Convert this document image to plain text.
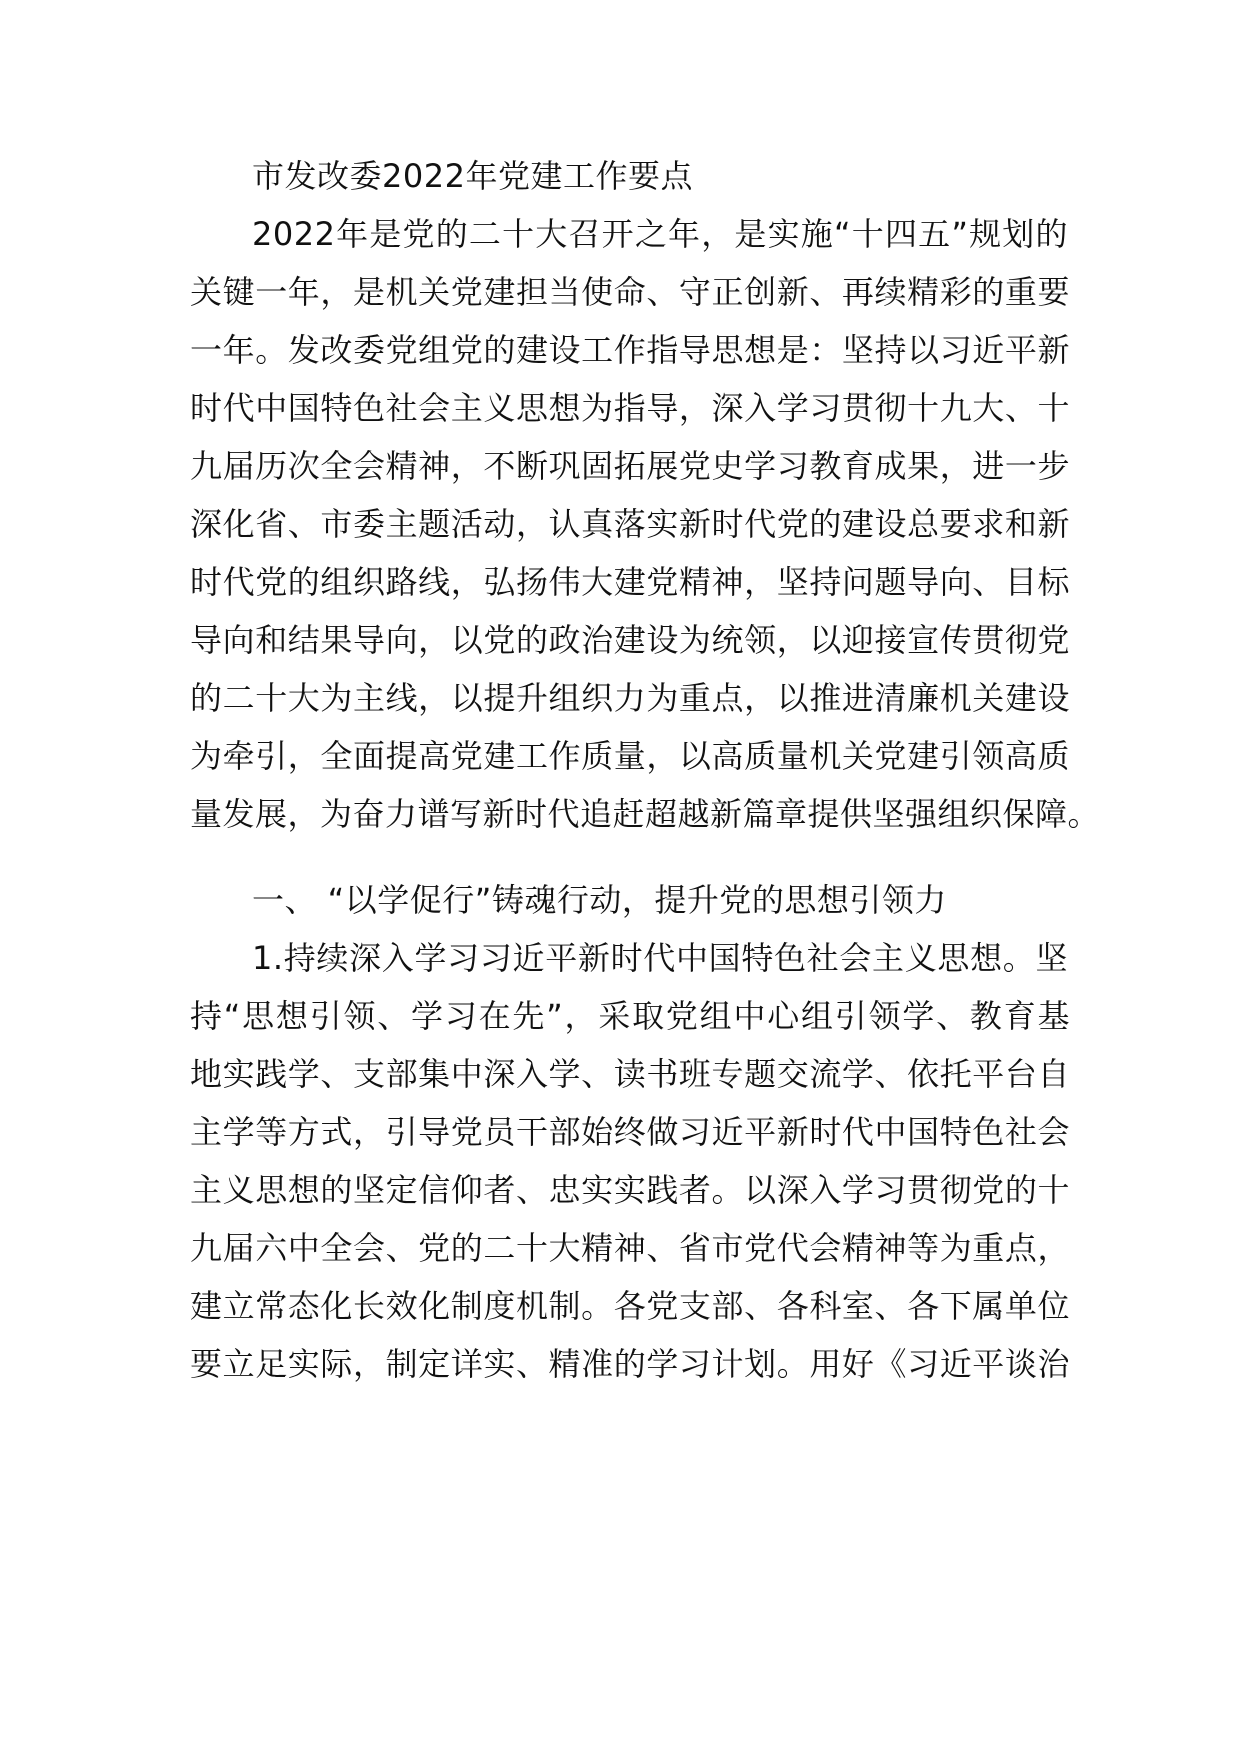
市发改委2022年党建工作要点
2022年是党的二十大召开之年，是实施“十四五”规划的
关键一年，是机关党建担当使命、守正创新、再续精彩的重要
一年。发改委党组党的建设工作指导思想是：坚持以习近平新
时代中国特色社会主义思想为指导，深入学习贯彻十九大、十
九届历次全会精神，不断巩固拓展党史学习教育成果，进一步
深化省、市委主题活动，认真落实新时代党的建设总要求和新
时代党的组织路线，弘扬伟大建党精神，坚持问题导向、目标
导向和结果导向，以党的政治建设为统领，以迎接宣传贯彻党
的二十大为主线，以提升组织力为重点，以推进清廉机关建设
为牵引，全面提高党建工作质量，以高质量机关党建引领高质
量发展，为奋力谱写新时代追赶超越新篇章提供坚强组织保障。
一、 “以学促行”铸魂行动，提升党的思想引领力
1.持续深入学习习近平新时代中国特色社会主义思想。坚
持“思想引领、学习在先”，采取党组中心组引领学、教育基
地实践学、支部集中深入学、读书班专题交流学、依托平台自
主学等方式，引导党员干部始终做习近平新时代中国特色社会
主义思想的坚定信仰者、忠实实践者。以深入学习贯彻党的十
九届六中全会、党的二十大精神、省市党代会精神等为重点，
建立常态化长效化制度机制。各党支部、各科室、各下属单位
要立足实际，制定详实、精准的学习计划。用好《习近平谈治
